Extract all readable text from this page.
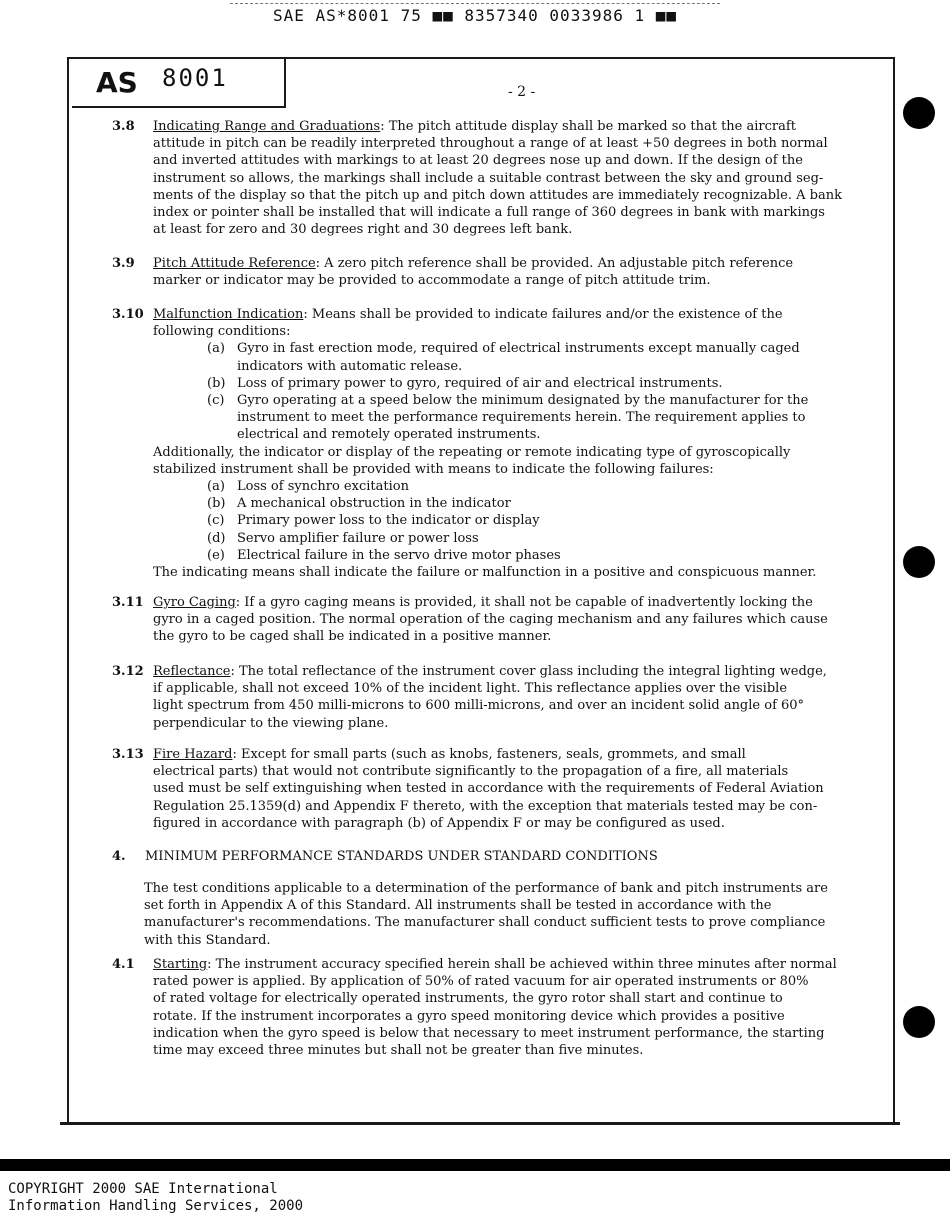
SAE AS*8001 75 ■■ 8357340 0033986 1 ■■
AS 8001	- 2 -
3.8 Indicating Range and Graduations: The pitch attitude display shall be marked so that the aircraft
attitude in pitch can be readily interpreted throughout a range of at least +50 degrees in both normal
and inverted attitudes with markings to at least 20 degrees nose up and down. If the design of the
instrument so allows, the markings shall include a suitable contrast between the sky and ground seg-
ments of the display so that the pitch up and pitch down attitudes are immediately recognizable. A bank
index or pointer shall be installed that will indicate a full range of 360 degrees in bank with markings
at least for zero and 30 degrees right and 30 degrees left bank.
3.9 Pitch Attitude Reference: A zero pitch reference shall be provided. An adjustable pitch reference
marker or indicator may be provided to accommodate a range of pitch attitude trim.
3.10 Malfunction Indication: Means shall be provided to indicate failures and/or the existence of the
following conditions:
(a) Gyro in fast erection mode, required of electrical instruments except manually caged
indicators with automatic release.
(b) Loss of primary power to gyro, required of air and electrical instruments.
(c) Gyro operating at a speed below the minimum designated by the manufacturer for the
instrument to meet the performance requirements herein. The requirement applies to
electrical and remotely operated instruments.
Additionally, the indicator or display of the repeating or remote indicating type of gyroscopically
stabilized instrument shall be provided with means to indicate the following failures:
(a) Loss of synchro excitation
(b) A mechanical obstruction in the indicator
(c) Primary power loss to the indicator or display
(d) Servo amplifier failure or power loss
(e) Electrical failure in the servo drive motor phases
The indicating means shall indicate the failure or malfunction in a positive and conspicuous manner.
3.11 Gyro Caging: If a gyro caging means is provided, it shall not be capable of inadvertently locking the
gyro in a caged position. The normal operation of the caging mechanism and any failures which cause
the gyro to be caged shall be indicated in a positive manner.
3.12 Reflectance: The total reflectance of the instrument cover glass including the integral lighting wedge,
if applicable, shall not exceed 10% of the incident light. This reflectance applies over the visible
light spectrum from 450 milli-microns to 600 milli-microns, and over an incident solid angle of 60°
perpendicular to the viewing plane.
3.13 Fire Hazard: Except for small parts (such as knobs, fasteners, seals, grommets, and small
electrical parts) that would not contribute significantly to the propagation of a fire, all materials
used must be self extinguishing when tested in accordance with the requirements of Federal Aviation
Regulation 25.1359(d) and Appendix F thereto, with the exception that materials tested may be con-
figured in accordance with paragraph (b) of Appendix F or may be configured as used.
4. MINIMUM PERFORMANCE STANDARDS UNDER STANDARD CONDITIONS
The test conditions applicable to a determination of the performance of bank and pitch instruments are
set forth in Appendix A of this Standard. All instruments shall be tested in accordance with the
manufacturer's recommendations. The manufacturer shall conduct sufficient tests to prove compliance
with this Standard.
4.1 Starting: The instrument accuracy specified herein shall be achieved within three minutes after normal
rated power is applied. By application of 50% of rated vacuum for air operated instruments or 80%
of rated voltage for electrically operated instruments, the gyro rotor shall start and continue to
rotate. If the instrument incorporates a gyro speed monitoring device which provides a positive
indication when the gyro speed is below that necessary to meet instrument performance, the starting
time may exceed three minutes but shall not be greater than five minutes.
COPYRIGHT 2000 SAE International
Information Handling Services, 2000
